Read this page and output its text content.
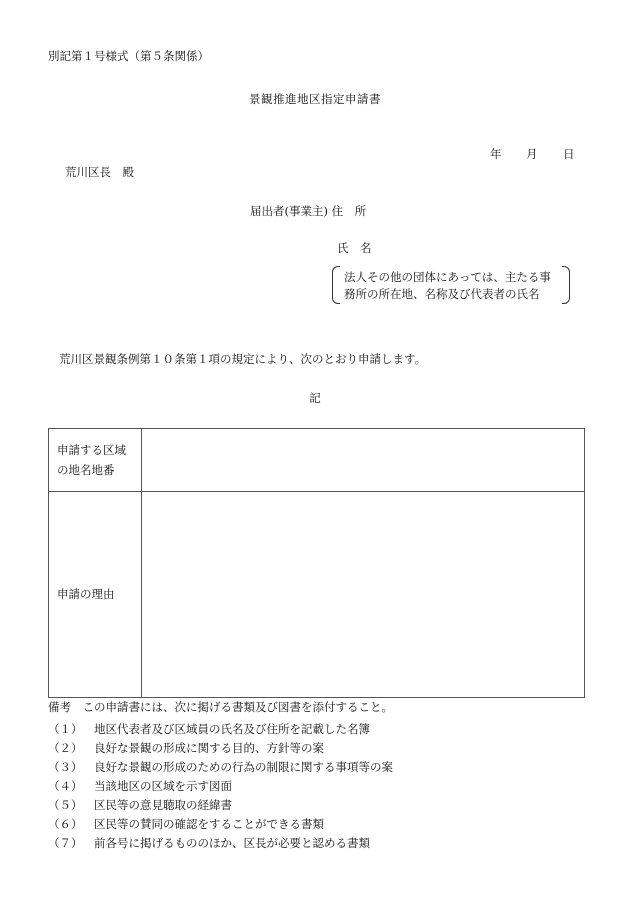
別記第１号様式（第５条関係）
景観推進地区指定申請書
年 月 日
荒川区長　殿
届出者(事業主) 住　所
氏　名
法人その他の団体にあっては、主たる事
務所の所在地、名称及び代表者の氏名
荒川区景観条例第１０条第１項の規定により、次のとおり申請します。
記
申請する区域
の地名地番	

申請の理由	

備考　この申請書には、次に掲げる書類及び図書を添付すること。
（１）	地区代表者及び区域員の氏名及び住所を記載した名簿
（２）	良好な景観の形成に関する目的、方針等の案
（３）	良好な景観の形成のための行為の制限に関する事項等の案
（４）	当該地区の区域を示す図面
（５）	区民等の意見聴取の経緯書
（６）	区民等の賛同の確認をすることができる書類
（７）	前各号に掲げるもののほか、区長が必要と認める書類
